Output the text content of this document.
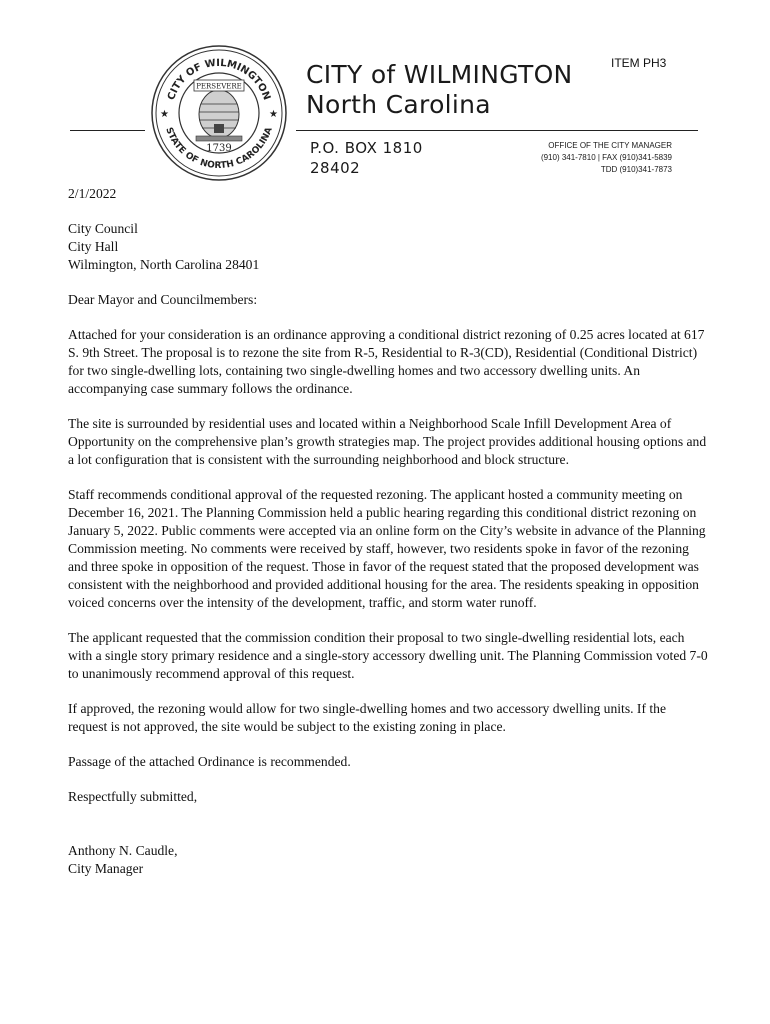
ITEM PH3
CITY OF WILMINGTON
STATE OF NORTH CAROLINA
PERSEVERE
1739
★	★
CITY of WILMINGTON
North Carolina
P.O. BOX 1810
28402
OFFICE OF THE CITY MANAGER
(910) 341-7810 | FAX (910)341-5839
TDD (910)341-7873
2/1/2022
City Council
City Hall
Wilmington, North Carolina 28401
Dear Mayor and Councilmembers:

Attached for your consideration is an ordinance approving a conditional district rezoning of 0.25 acres located at 617 S. 9th Street. The proposal is to rezone the site from R-5, Residential to R-3(CD), Residential (Conditional District) for two single-dwelling lots, containing two single-dwelling homes and two accessory dwelling units. An accompanying case summary follows the ordinance.

The site is surrounded by residential uses and located within a Neighborhood Scale Infill Development Area of Opportunity on the comprehensive plan’s growth strategies map. The project provides additional housing options and a lot configuration that is consistent with the surrounding neighborhood and block structure.

Staff recommends conditional approval of the requested rezoning. The applicant hosted a community meeting on December 16, 2021. The Planning Commission held a public hearing regarding this conditional district rezoning on January 5, 2022. Public comments were accepted via an online form on the City’s website in advance of the Planning Commission meeting. No comments were received by staff, however, two residents spoke in favor of the rezoning and three spoke in opposition of the request. Those in favor of the request stated that the proposed development was consistent with the neighborhood and provided additional housing for the area. The residents speaking in opposition voiced concerns over the intensity of the development, traffic, and storm water runoff.

The applicant requested that the commission condition their proposal to two single-dwelling residential lots, each with a single story primary residence and a single-story accessory dwelling unit. The Planning Commission voted 7-0 to unanimously recommend approval of this request.

If approved, the rezoning would allow for two single-dwelling homes and two accessory dwelling units. If the request is not approved, the site would be subject to the existing zoning in place.

Passage of the attached Ordinance is recommended.

Respectfully submitted,
Anthony N. Caudle,
City Manager
